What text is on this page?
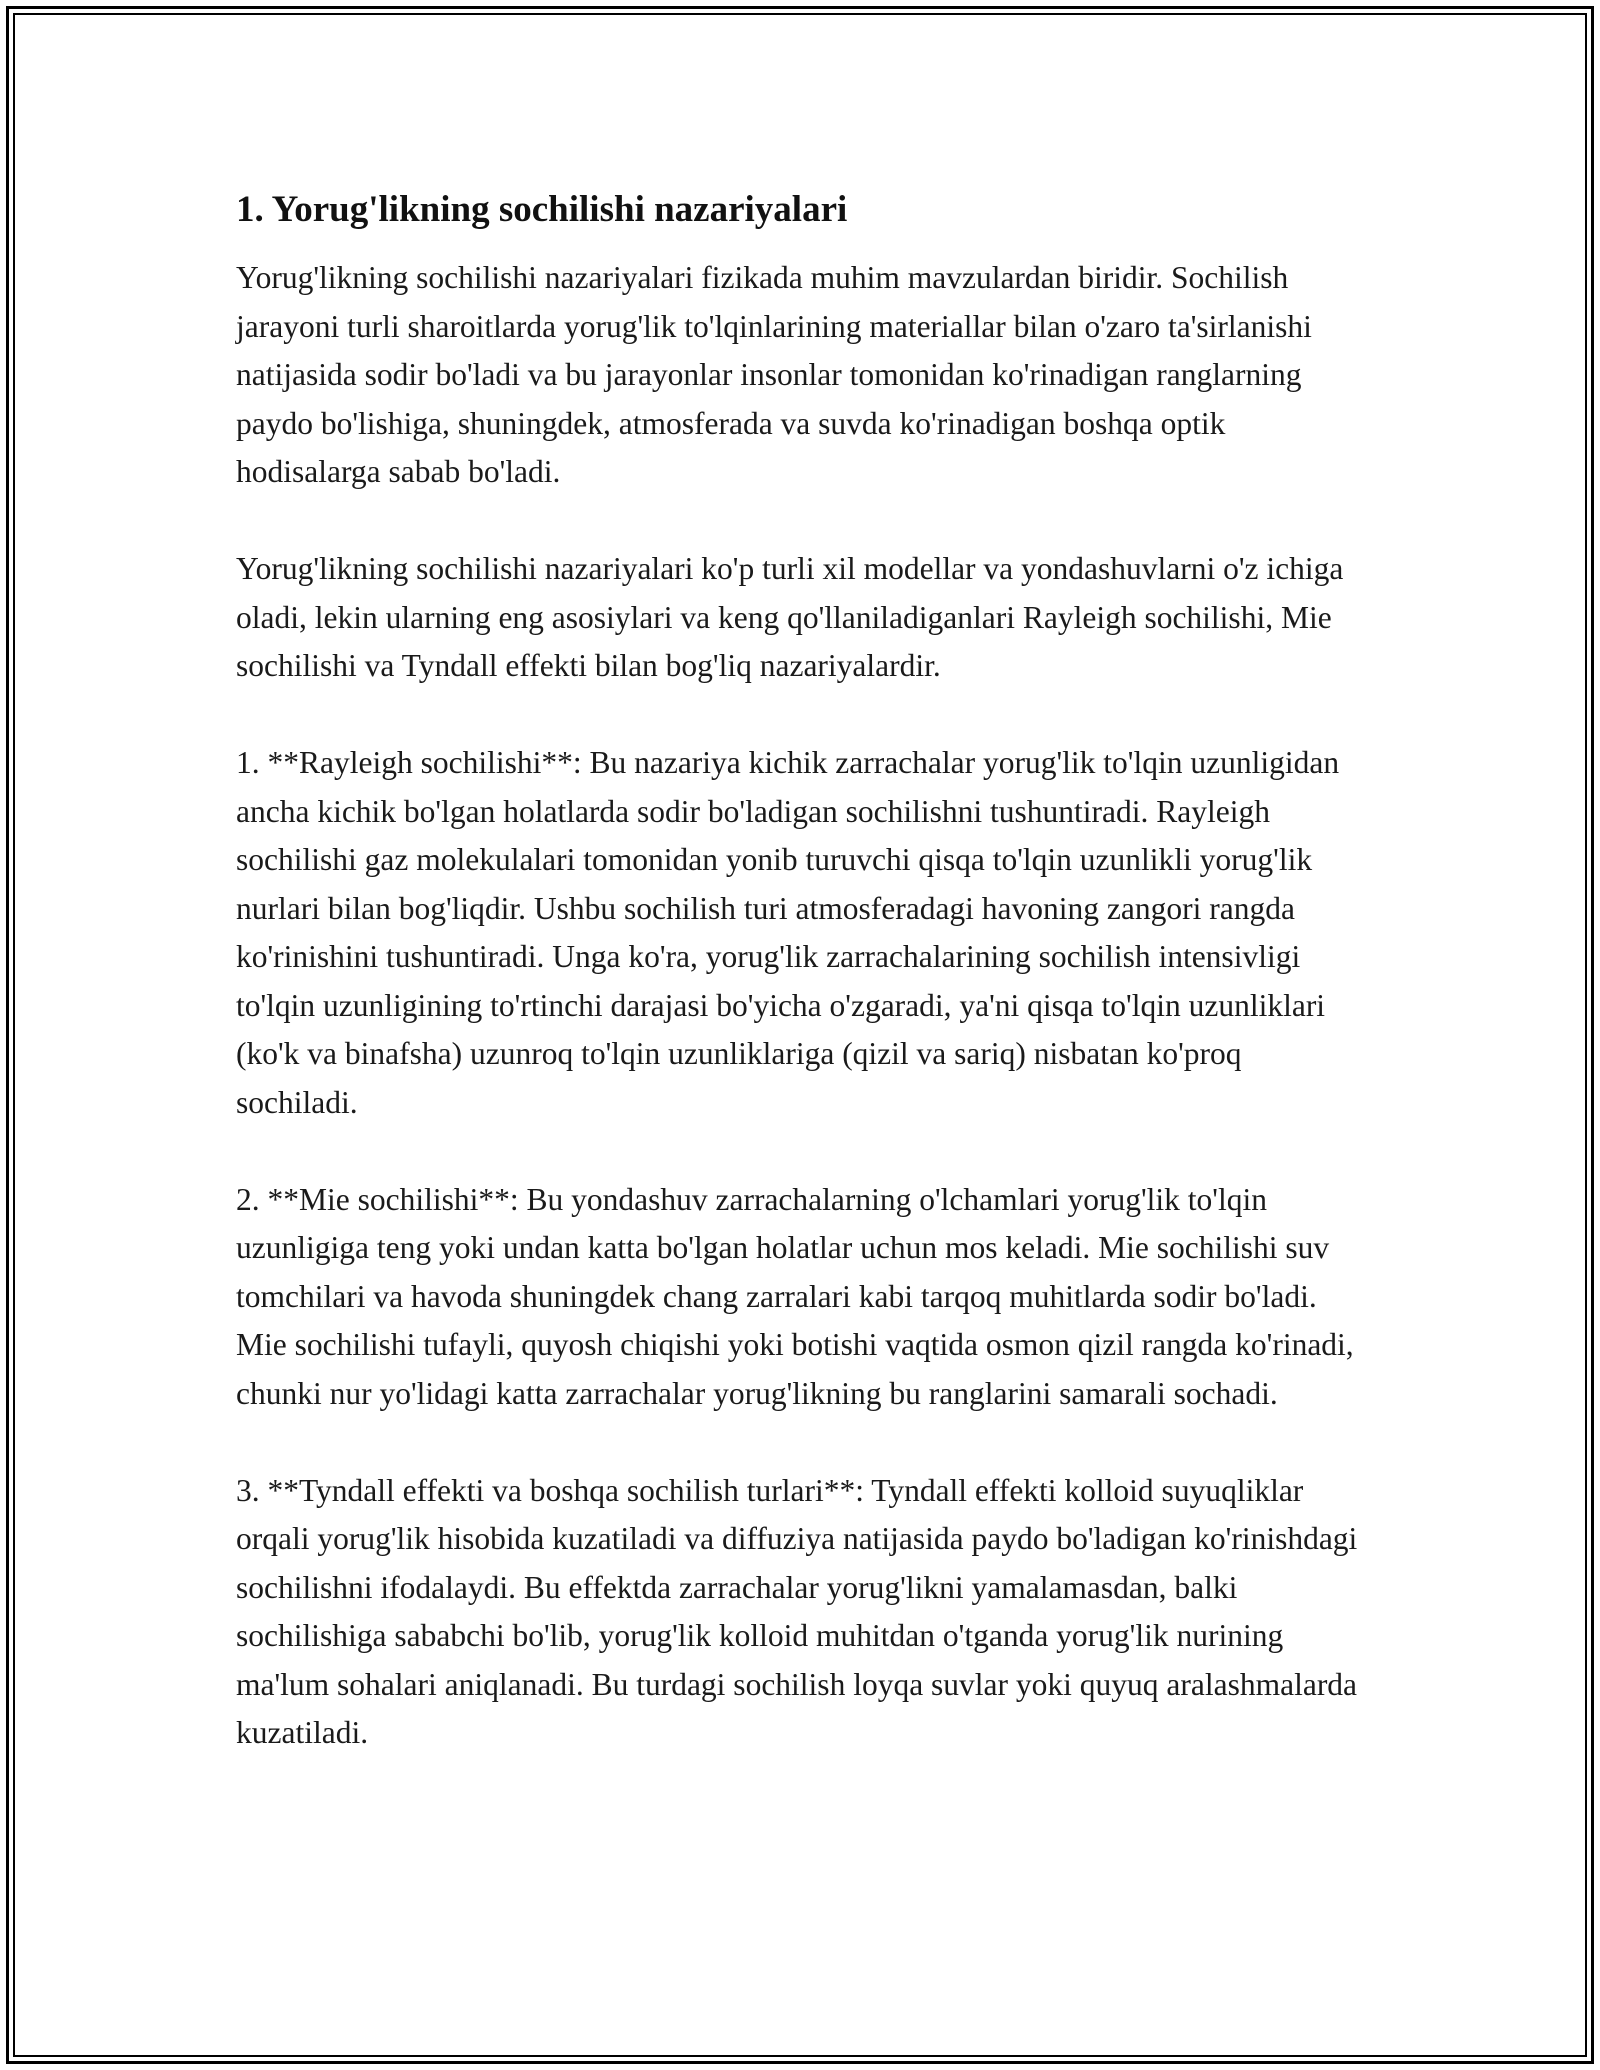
1. Yorug'likning sochilishi nazariyalari

Yorug'likning sochilishi nazariyalari fizikada muhim mavzulardan biridir. Sochilish jarayoni turli sharoitlarda yorug'lik to'lqinlarining materiallar bilan o'zaro ta'sirlanishi natijasida sodir bo'ladi va bu jarayonlar insonlar tomonidan ko'rinadigan ranglarning paydo bo'lishiga, shuningdek, atmosferada va suvda ko'rinadigan boshqa optik hodisalarga sabab bo'ladi.

Yorug'likning sochilishi nazariyalari ko'p turli xil modellar va yondashuvlarni o'z ichiga oladi, lekin ularning eng asosiylari va keng qo'llaniladiganlari Rayleigh sochilishi, Mie sochilishi va Tyndall effekti bilan bog'liq nazariyalardir.

1. **Rayleigh sochilishi**: Bu nazariya kichik zarrachalar yorug'lik to'lqin uzunligidan ancha kichik bo'lgan holatlarda sodir bo'ladigan sochilishni tushuntiradi. Rayleigh sochilishi gaz molekulalari tomonidan yonib turuvchi qisqa to'lqin uzunlikli yorug'lik nurlari bilan bog'liqdir. Ushbu sochilish turi atmosferadagi havoning zangori rangda ko'rinishini tushuntiradi. Unga ko'ra, yorug'lik zarrachalarining sochilish intensivligi to'lqin uzunligining to'rtinchi darajasi bo'yicha o'zgaradi, ya'ni qisqa to'lqin uzunliklari (ko'k va binafsha) uzunroq to'lqin uzunliklariga (qizil va sariq) nisbatan ko'proq sochiladi.

2. **Mie sochilishi**: Bu yondashuv zarrachalarning o'lchamlari yorug'lik to'lqin uzunligiga teng yoki undan katta bo'lgan holatlar uchun mos keladi. Mie sochilishi suv tomchilari va havoda shuningdek chang zarralari kabi tarqoq muhitlarda sodir bo'ladi. Mie sochilishi tufayli, quyosh chiqishi yoki botishi vaqtida osmon qizil rangda ko'rinadi, chunki nur yo'lidagi katta zarrachalar yorug'likning bu ranglarini samarali sochadi.

3. **Tyndall effekti va boshqa sochilish turlari**: Tyndall effekti kolloid suyuqliklar orqali yorug'lik hisobida kuzatiladi va diffuziya natijasida paydo bo'ladigan ko'rinishdagi sochilishni ifodalaydi. Bu effektda zarrachalar yorug'likni yamalamasdan, balki sochilishiga sababchi bo'lib, yorug'lik kolloid muhitdan o'tganda yorug'lik nurining ma'lum sohalari aniqlanadi. Bu turdagi sochilish loyqa suvlar yoki quyuq aralashmalarda kuzatiladi.
